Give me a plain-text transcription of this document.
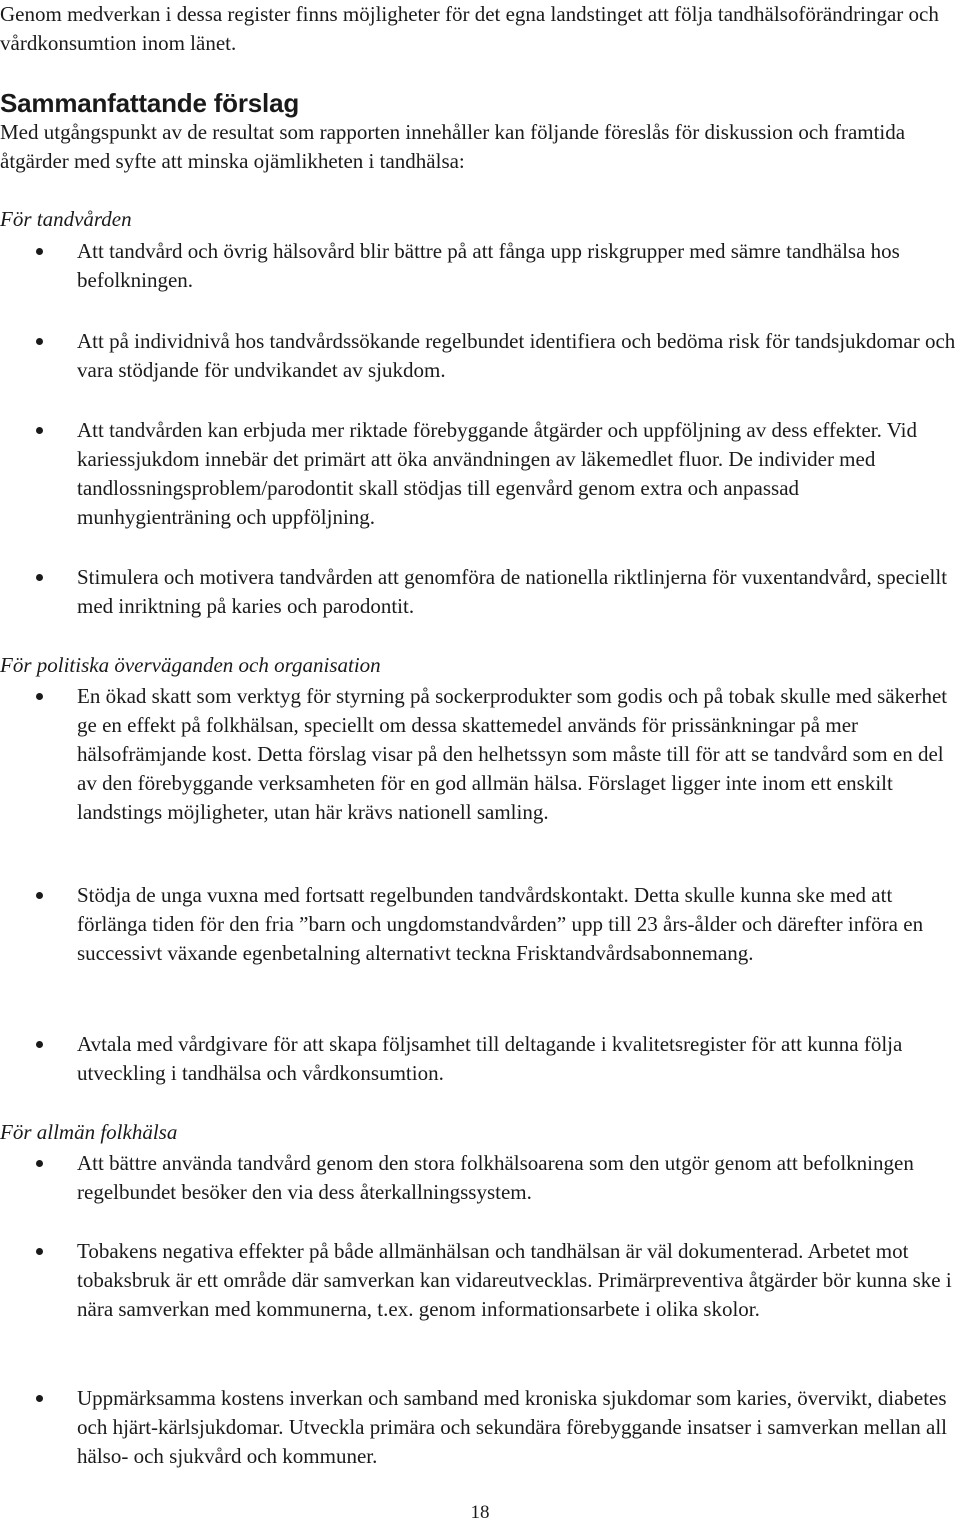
Genom medverkan i dessa register finns möjligheter för det egna landstinget att följa tandhälsoförändringar och vårdkonsumtion inom länet.

Sammanfattande förslag

Med utgångspunkt av de resultat som rapporten innehåller kan följande föreslås för diskussion och framtida åtgärder med syfte att minska ojämlikheten i tandhälsa:

För tandvården

Att tandvård och övrig hälsovård blir bättre på att fånga upp riskgrupper med sämre tandhälsa hos befolkningen.

Att på individnivå hos tandvårdssökande regelbundet identifiera och bedöma risk för tandsjukdomar och vara stödjande för undvikandet av sjukdom.

Att tandvården kan erbjuda mer riktade förebyggande åtgärder och uppföljning av dess effekter. Vid kariessjukdom innebär det primärt att öka användningen av läkemedlet fluor. De individer med tandlossningsproblem/parodontit skall stödjas till egenvård genom extra och anpassad munhygienträning och uppföljning.

Stimulera och motivera tandvården att genomföra de nationella riktlinjerna för vuxentandvård, speciellt med inriktning på karies och parodontit.

För politiska överväganden och organisation

En ökad skatt som verktyg för styrning på sockerprodukter som godis och på tobak skulle med säkerhet ge en effekt på folkhälsan, speciellt om dessa skattemedel används för prissänkningar på mer hälsofrämjande kost. Detta förslag visar på den helhetssyn som måste till för att se tandvård som en del av den förebyggande verksamheten för en god allmän hälsa. Förslaget ligger inte inom ett enskilt landstings möjligheter, utan här krävs nationell samling.

Stödja de unga vuxna med fortsatt regelbunden tandvårdskontakt. Detta skulle kunna ske med att förlänga tiden för den fria ”barn och ungdomstandvården” upp till 23 års-ålder och därefter införa en successivt växande egenbetalning alternativt teckna Frisktandvårdsabonnemang.

Avtala med vårdgivare för att skapa följsamhet till deltagande i kvalitetsregister för att kunna följa utveckling i tandhälsa och vårdkonsumtion.

För allmän folkhälsa

Att bättre använda tandvård genom den stora folkhälsoarena som den utgör genom att befolkningen regelbundet besöker den via dess återkallningssystem.

Tobakens negativa effekter på både allmänhälsan och tandhälsan är väl dokumenterad. Arbetet mot tobaksbruk är ett område där samverkan kan vidareutvecklas. Primärpreventiva åtgärder bör kunna ske i nära samverkan med kommunerna, t.ex. genom informationsarbete i olika skolor.

Uppmärksamma kostens inverkan och samband med kroniska sjukdomar som karies, övervikt, diabetes och hjärt-kärlsjukdomar. Utveckla primära och sekundära förebyggande insatser i samverkan mellan all hälso- och sjukvård och kommuner.

18
